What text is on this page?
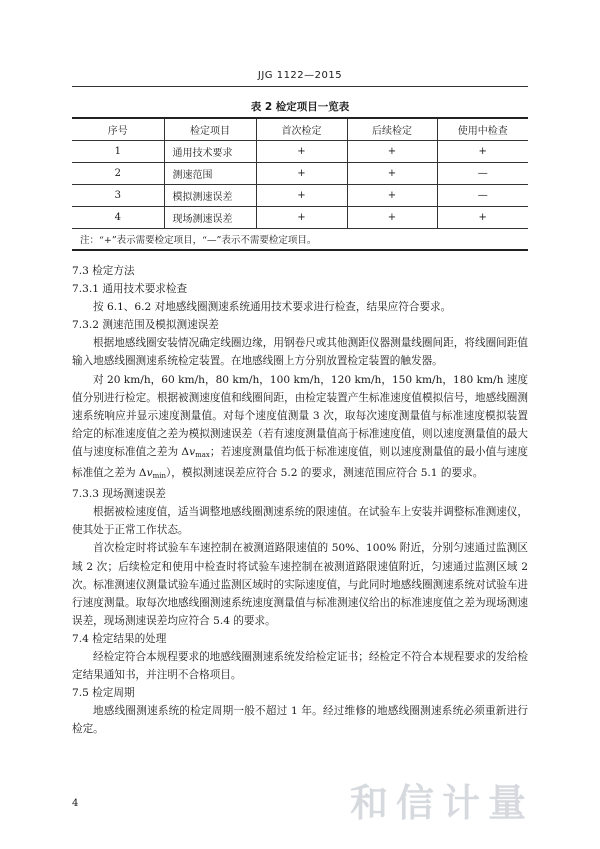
JJG 1122—2015
表 2 检定项目一览表
序号	检定项目	首次检定	后续检定	使用中检查
1	通用技术要求	+	+	+
2	测速范围	+	+	—
3	模拟测速误差	+	+	—
4	现场测速误差	+	+	+
注：“+”表示需要检定项目，“—”表示不需要检定项目。				

7.3 检定方法

7.3.1 通用技术要求检查

按 6.1、6.2 对地感线圈测速系统通用技术要求进行检查，结果应符合要求。

7.3.2 测速范围及模拟测速误差

根据地感线圈安装情况确定线圈边缘，用钢卷尺或其他测距仪器测量线圈间距，将线圈间距值输入地感线圈测速系统检定装置。在地感线圈上方分别放置检定装置的触发器。

对 20 km/h，60 km/h，80 km/h，100 km/h，120 km/h，150 km/h，180 km/h 速度值分别进行检定。根据被测速度值和线圈间距，由检定装置产生标准速度值模拟信号，地感线圈测速系统响应并显示速度测量值。对每个速度值测量 3 次，取每次速度测量值与标准速度模拟装置给定的标准速度值之差为模拟测速误差（若有速度测量值高于标准速度值，则以速度测量值的最大值与速度标准值之差为 $\Delta v_{max}$；若速度测量值均低于标准速度值，则以速度测量值的最小值与速度标准值之差为 $\Delta v_{min}$），模拟测速误差应符合 5.2 的要求，测速范围应符合 5.1 的要求。

7.3.3 现场测速误差

根据被检速度值，适当调整地感线圈测速系统的限速值。在试验车上安装并调整标准测速仪，使其处于正常工作状态。

首次检定时将试验车车速控制在被测道路限速值的 50%、100% 附近，分别匀速通过监测区域 2 次；后续检定和使用中检查时将试验车速控制在被测道路限速值附近，匀速通过监测区域 2 次。标准测速仪测量试验车通过监测区域时的实际速度值，与此同时地感线圈测速系统对试验车进行速度测量。取每次地感线圈测速系统速度测量值与标准测速仪给出的标准速度值之差为现场测速误差，现场测速误差均应符合 5.4 的要求。

7.4 检定结果的处理

经检定符合本规程要求的地感线圈测速系统发给检定证书；经检定不符合本规程要求的发给检定结果通知书，并注明不合格项目。

7.5 检定周期

地感线圈测速系统的检定周期一般不超过 1 年。经过维修的地感线圈测速系统必须重新进行检定。

4	和信计量
